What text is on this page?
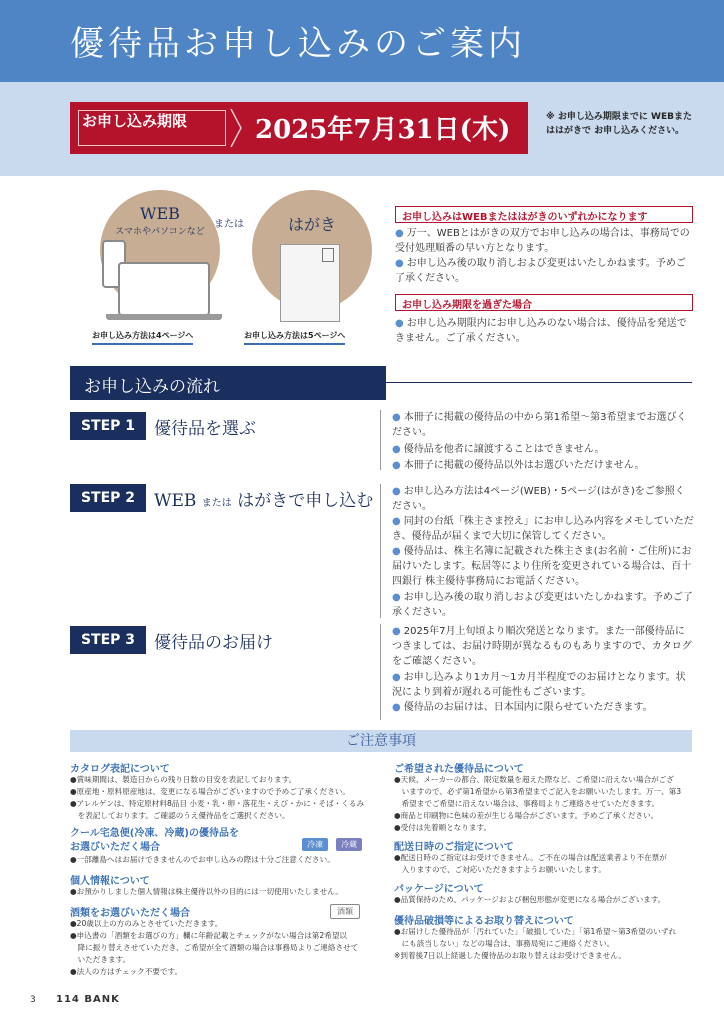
優待品お申し込みのご案内
お申し込み期限	2025年7月31日(木)	※ お申し込み期限までに WEBまたははがきで お申し込みください。
WEB
スマホやパソコンなど
または	はがき
お申し込み方法は4ページへ	お申し込み方法は5ページへ
お申し込みはWEBまたははがきのいずれかになります
● 万一、WEBとはがきの双方でお申し込みの場合は、事務局での受付処理順番の早い方となります。
● お申し込み後の取り消しおよび変更はいたしかねます。予めご了承ください。
お申し込み期限を過ぎた場合
● お申し込み期限内にお申し込みのない場合は、優待品を発送できません。ご了承ください。
お申し込みの流れ
STEP 1	優待品を選ぶ
● 本冊子に掲載の優待品の中から第1希望〜第3希望までお選びください。
● 優待品を他者に譲渡することはできません。
● 本冊子に掲載の優待品以外はお選びいただけません。
STEP 2	WEB または はがきで申し込む ● お申し込み方法は4ページ(WEB)・5ページ(はがき)をご参照ください。
● 同封の台紙「株主さま控え」にお申し込み内容をメモしていただき、優待品が届くまで大切に保管してください。
● 優待品は、株主名簿に記載された株主さま(お名前・ご住所)にお届けいたします。転居等により住所を変更されている場合は、百十四銀行 株主優待事務局にお電話ください。
● お申し込み後の取り消しおよび変更はいたしかねます。予めご了承ください。
STEP 3	優待品のお届け
● 2025年7月上旬頃より順次発送となります。また一部優待品につきましては、お届け時期が異なるものもありますので、カタログをご確認ください。
● お申し込みより1カ月〜1カ月半程度でのお届けとなります。状況により到着が遅れる可能性もございます。
● 優待品のお届けは、日本国内に限らせていただきます。
ご注意事項
カタログ表記について
●賞味期間は、製造日からの残り日数の目安を表記しております。
●原産地・原料原産地は、変更になる場合がございますので予めご了承ください。
●アレルゲンは、特定原材料8品目 小麦・乳・卵・落花生・えび・かに・そば・くるみ
　を表記しております。ご確認のうえ優待品をご選択ください。
クール宅急便(冷凍、冷蔵)の優待品を
お選びいただく場合	冷凍	冷蔵
●一部離島へはお届けできませんのでお申し込みの際は十分ご注意ください。
個人情報について
●お預かりしました個人情報は株主優待以外の目的には一切使用いたしません。
酒類をお選びいただく場合	酒類
●20歳以上の方のみとさせていただきます。
●申込書の「酒類をお選びの方」欄に年齢記載とチェックがない場合は第2希望以
　降に振り替えさせていただき、ご希望が全て酒類の場合は事務局よりご連絡させて
　いただきます。
●法人の方はチェック不要です。
ご希望された優待品について
●天候、メーカーの都合、限定数量を超えた際など、ご希望に沿えない場合がござ
　いますので、必ず第1希望から第3希望までご記入をお願いいたします。万一、第3
　希望までご希望に沿えない場合は、事務局よりご連絡させていただきます。
●商品と印刷物に色味の差が生じる場合がございます。予めご了承ください。
●受付は先着順となります。
配送日時のご指定について
●配送日時のご指定はお受けできません。ご不在の場合は配送業者より不在票が
　入りますので、ご対応いただきますようお願いいたします。
パッケージについて
●品質保持のため、パッケージおよび梱包形態が変更になる場合がございます。
優待品破損等によるお取り替えについて
●お届けした優待品が「汚れていた」「破損していた」「第1希望〜第3希望のいずれ
　にも該当しない」などの場合は、事務局宛にご連絡ください。
※到着後7日以上経過した優待品のお取り替えはお受けできません。
3 114 BANK
